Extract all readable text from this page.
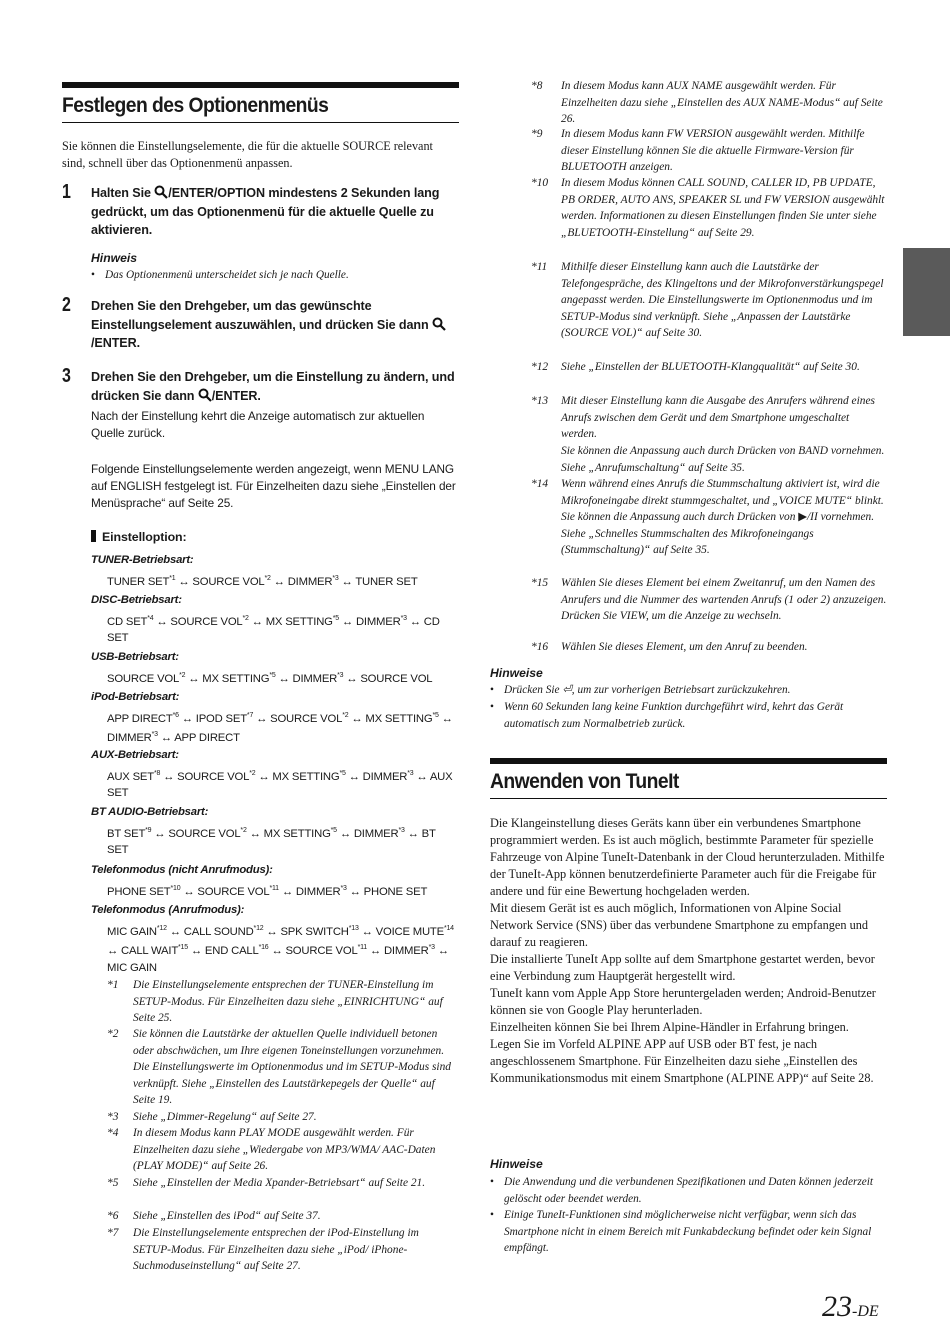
Festlegen des Optionenmenüs
Sie können die Einstellungselemente, die für die aktuelle SOURCE relevant sind, schnell über das Optionenmenü anpassen.
1 Halten Sie /ENTER/OPTION mindestens 2 Sekunden lang gedrückt, um das Optionenmenü für die aktuelle Quelle zu aktivieren.
Hinweis
• Das Optionenmenü unterscheidet sich je nach Quelle.
2 Drehen Sie den Drehgeber, um das gewünschte Einstellungselement auszuwählen, und drücken Sie dann /ENTER.
3 Drehen Sie den Drehgeber, um die Einstellung zu ändern, und drücken Sie dann /ENTER.
Nach der Einstellung kehrt die Anzeige automatisch zur aktuellen Quelle zurück.
Folgende Einstellungselemente werden angezeigt, wenn MENU LANG auf ENGLISH festgelegt ist. Für Einzelheiten dazu siehe „Einstellen der Menüsprache“ auf Seite 25.
Einstelloption:
TUNER-Betriebsart:
TUNER SET$^{*1}$ ↔ SOURCE VOL$^{*2}$ ↔ DIMMER$^{*3}$ ↔ TUNER SET
DISC-Betriebsart:
CD SET$^{*4}$ ↔ SOURCE VOL$^{*2}$ ↔ MX SETTING$^{*5}$ ↔ DIMMER$^{*3}$ ↔ CD SET
USB-Betriebsart:
SOURCE VOL$^{*2}$ ↔ MX SETTING$^{*5}$ ↔ DIMMER$^{*3}$ ↔ SOURCE VOL
iPod-Betriebsart:
APP DIRECT$^{*6}$ ↔ IPOD SET$^{*7}$ ↔ SOURCE VOL$^{*2}$ ↔ MX SETTING$^{*5}$ ↔ DIMMER$^{*3}$ ↔ APP DIRECT
AUX-Betriebsart:
AUX SET$^{*8}$ ↔ SOURCE VOL$^{*2}$ ↔ MX SETTING$^{*5}$ ↔ DIMMER$^{*3}$ ↔ AUX SET
BT AUDIO-Betriebsart:
BT SET$^{*9}$ ↔ SOURCE VOL$^{*2}$ ↔ MX SETTING$^{*5}$ ↔ DIMMER$^{*3}$ ↔ BT SET
Telefonmodus (nicht Anrufmodus):
PHONE SET$^{*10}$ ↔ SOURCE VOL$^{*11}$ ↔ DIMMER$^{*3}$ ↔ PHONE SET
Telefonmodus (Anrufmodus):
MIC GAIN$^{*12}$ ↔ CALL SOUND$^{*12}$ ↔ SPK SWITCH$^{*13}$ ↔ VOICE MUTE$^{*14}$ ↔ CALL WAIT$^{*15}$ ↔ END CALL$^{*16}$ ↔ SOURCE VOL$^{*11}$ ↔ DIMMER$^{*3}$ ↔ MIC GAIN
*1 Die Einstellungselemente entsprechen der TUNER-Einstellung im SETUP-Modus. Für Einzelheiten dazu siehe „EINRICHTUNG“ auf Seite 25.
*2 Sie können die Lautstärke der aktuellen Quelle individuell betonen oder abschwächen, um Ihre eigenen Toneinstellungen vorzunehmen. Die Einstellungswerte im Optionenmodus und im SETUP-Modus sind verknüpft. Siehe „Einstellen des Lautstärkepegels der Quelle“ auf Seite 19.
*3 Siehe „Dimmer-Regelung“ auf Seite 27.
*4 In diesem Modus kann PLAY MODE ausgewählt werden. Für Einzelheiten dazu siehe „Wiedergabe von MP3/WMA/ AAC-Daten (PLAY MODE)“ auf Seite 26.
*5 Siehe „Einstellen der Media Xpander-Betriebsart“ auf Seite 21.
*6 Siehe „Einstellen des iPod“ auf Seite 37.
*7 Die Einstellungselemente entsprechen der iPod-Einstellung im SETUP-Modus. Für Einzelheiten dazu siehe „iPod/ iPhone-Suchmoduseinstellung“ auf Seite 27.
*8 In diesem Modus kann AUX NAME ausgewählt werden. Für Einzelheiten dazu siehe „Einstellen des AUX NAME-Modus“ auf Seite 26.
*9 In diesem Modus kann FW VERSION ausgewählt werden. Mithilfe dieser Einstellung können Sie die aktuelle Firmware-Version für BLUETOOTH anzeigen.
*10 In diesem Modus können CALL SOUND, CALLER ID, PB UPDATE, PB ORDER, AUTO ANS, SPEAKER SL und FW VERSION ausgewählt werden. Informationen zu diesen Einstellungen finden Sie unter siehe „BLUETOOTH-Einstellung“ auf Seite 29.
*11 Mithilfe dieser Einstellung kann auch die Lautstärke der Telefongespräche, des Klingeltons und der Mikrofonverstärkungspegel angepasst werden. Die Einstellungswerte im Optionenmodus und im SETUP-Modus sind verknüpft. Siehe „Anpassen der Lautstärke (SOURCE VOL)“ auf Seite 30.
*12 Siehe „Einstellen der BLUETOOTH-Klangqualität“ auf Seite 30.
*13 Mit dieser Einstellung kann die Ausgabe des Anrufers während eines Anrufs zwischen dem Gerät und dem Smartphone umgeschaltet werden.
Sie können die Anpassung auch durch Drücken von BAND vornehmen. Siehe „Anrufumschaltung“ auf Seite 35.
*14 Wenn während eines Anrufs die Stummschaltung aktiviert ist, wird die Mikrofoneingabe direkt stummgeschaltet, und „VOICE MUTE“ blinkt. Sie können die Anpassung auch durch Drücken von ▶/II vornehmen. Siehe „Schnelles Stummschalten des Mikrofoneingangs (Stummschaltung)“ auf Seite 35.
*15 Wählen Sie dieses Element bei einem Zweitanruf, um den Namen des Anrufers und die Nummer des wartenden Anrufs (1 oder 2) anzuzeigen. Drücken Sie VIEW, um die Anzeige zu wechseln.
*16 Wählen Sie dieses Element, um den Anruf zu beenden.
Hinweise
• Drücken Sie ⏎, um zur vorherigen Betriebsart zurückzukehren.
• Wenn 60 Sekunden lang keine Funktion durchgeführt wird, kehrt das Gerät automatisch zum Normalbetrieb zurück.
Anwenden von TuneIt
Die Klangeinstellung dieses Geräts kann über ein verbundenes Smartphone programmiert werden. Es ist auch möglich, bestimmte Parameter für spezielle Fahrzeuge von Alpine TuneIt-Datenbank in der Cloud herunterzuladen. Mithilfe der TuneIt-App können benutzerdefinierte Parameter auch für die Freigabe für andere und für eine Bewertung hochgeladen werden.
Mit diesem Gerät ist es auch möglich, Informationen von Alpine Social Network Service (SNS) über das verbundene Smartphone zu empfangen und darauf zu reagieren.
Die installierte TuneIt App sollte auf dem Smartphone gestartet werden, bevor eine Verbindung zum Hauptgerät hergestellt wird.
TuneIt kann vom Apple App Store heruntergeladen werden; Android-Benutzer können sie von Google Play herunterladen.
Einzelheiten können Sie bei Ihrem Alpine-Händler in Erfahrung bringen.
Legen Sie im Vorfeld ALPINE APP auf USB oder BT fest, je nach angeschlossenem Smartphone. Für Einzelheiten dazu siehe „Einstellen des Kommunikationsmodus mit einem Smartphone (ALPINE APP)“ auf Seite 28.
Hinweise
• Die Anwendung und die verbundenen Spezifikationen und Daten können jederzeit gelöscht oder beendet werden.
• Einige TuneIt-Funktionen sind möglicherweise nicht verfügbar, wenn sich das Smartphone nicht in einem Bereich mit Funkabdeckung befindet oder kein Signal empfängt.
23-DE
